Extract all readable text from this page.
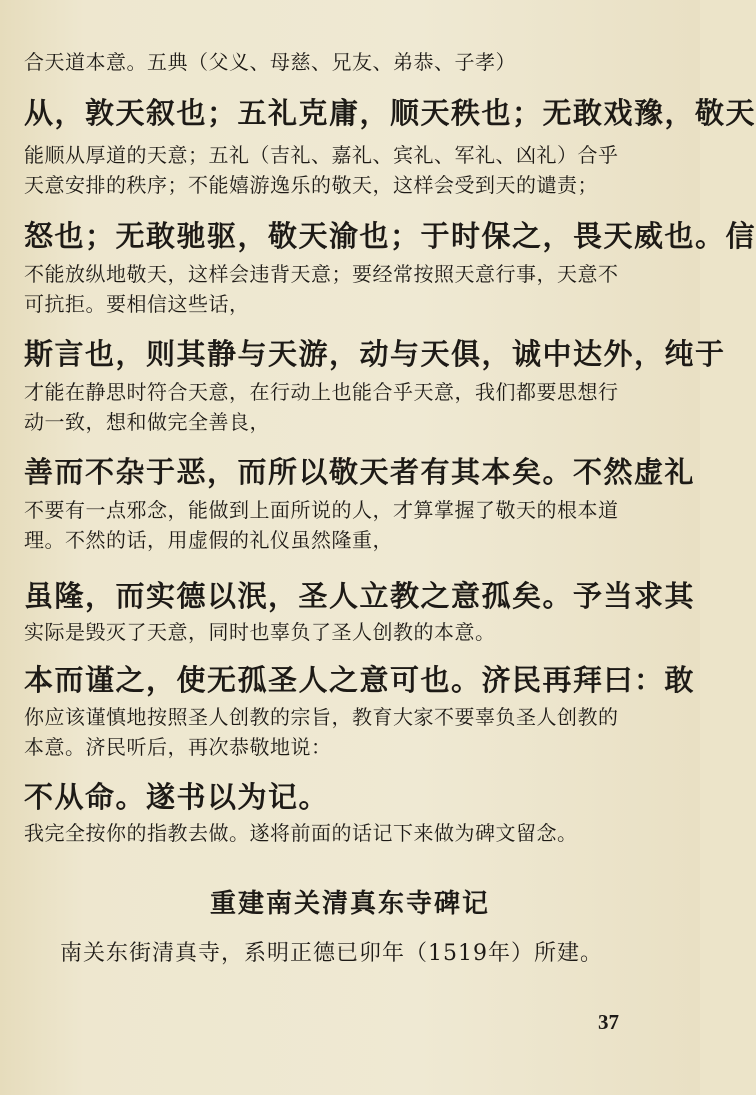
合天道本意。五典（父义、母慈、兄友、弟恭、子孝）
从，敦天叙也；五礼克庸，顺天秩也；无敢戏豫，敬天
能顺从厚道的天意；五礼（吉礼、嘉礼、宾礼、军礼、凶礼）合乎
天意安排的秩序；不能嬉游逸乐的敬天，这样会受到天的谴责；
怒也；无敢驰驱，敬天渝也；于时保之，畏天威也。信
不能放纵地敬天，这样会违背天意；要经常按照天意行事，天意不
可抗拒。要相信这些话，
斯言也，则其静与天游，动与天俱，诚中达外，纯于
才能在静思时符合天意，在行动上也能合乎天意，我们都要思想行
动一致，想和做完全善良，
善而不杂于恶，而所以敬天者有其本矣。不然虚礼
不要有一点邪念，能做到上面所说的人，才算掌握了敬天的根本道
理。不然的话，用虚假的礼仪虽然隆重，
虽隆，而实德以泯，圣人立教之意孤矣。予当求其
实际是毁灭了天意，同时也辜负了圣人创教的本意。
本而谨之，使无孤圣人之意可也。济民再拜曰：敢
你应该谨慎地按照圣人创教的宗旨，教育大家不要辜负圣人创教的
本意。济民听后，再次恭敬地说：
不从命。遂书以为记。
我完全按你的指教去做。遂将前面的话记下来做为碑文留念。
重建南关清真东寺碑记
南关东街清真寺，系明正德已卯年（1519年）所建。
37
